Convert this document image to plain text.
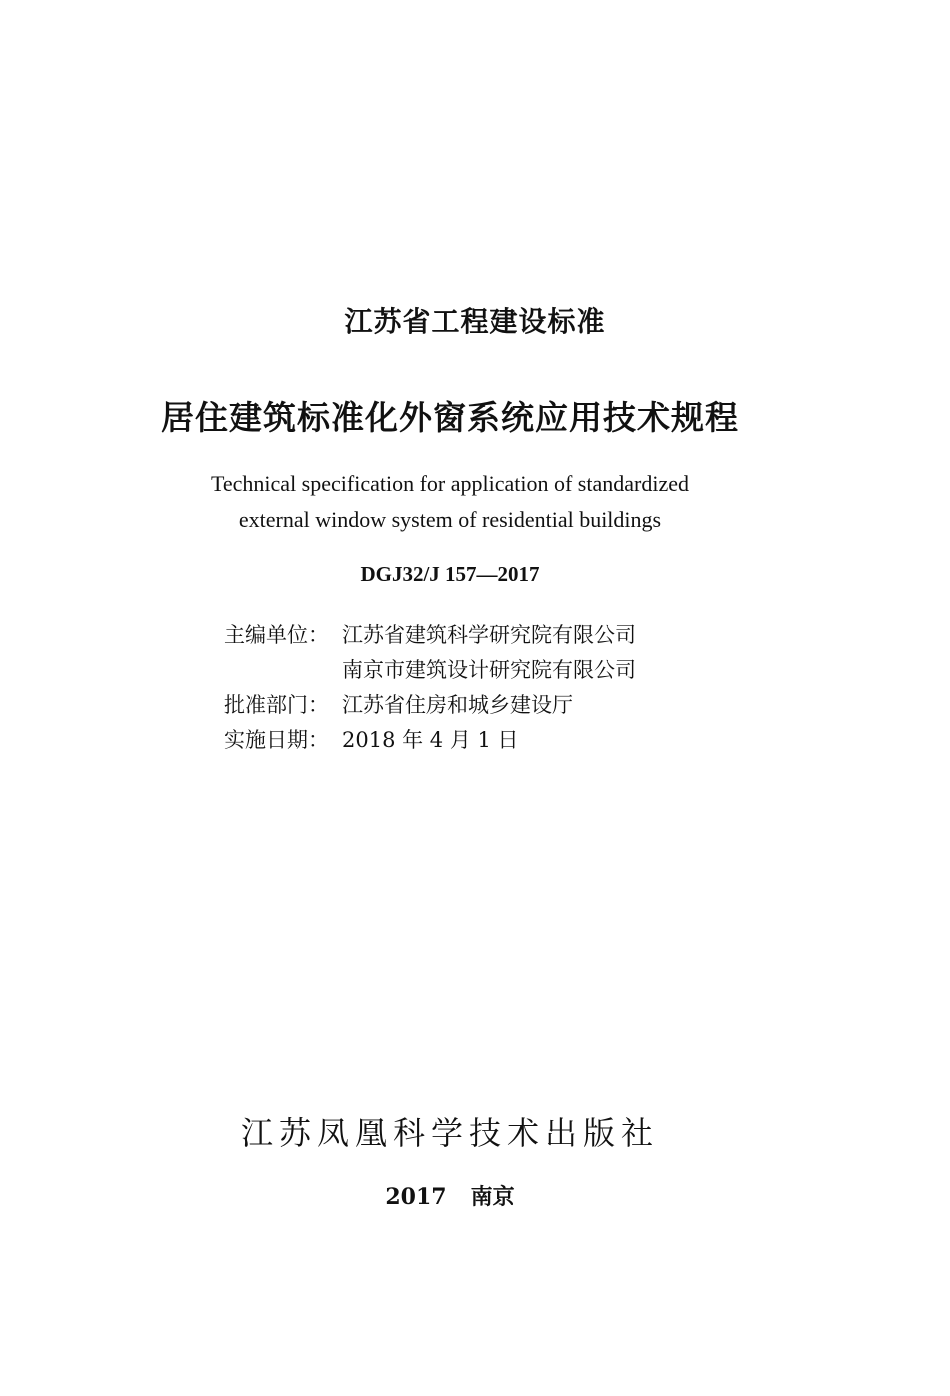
江苏省工程建设标准
居住建筑标准化外窗系统应用技术规程
Technical specification for application of standardized
external window system of residential buildings
DGJ32/J 157—2017
主编单位： 江苏省建筑科学研究院有限公司
南京市建筑设计研究院有限公司
批准部门： 江苏省住房和城乡建设厅
实施日期： 2018 年 4 月 1 日
江苏凤凰科学技术出版社
2017 南京
